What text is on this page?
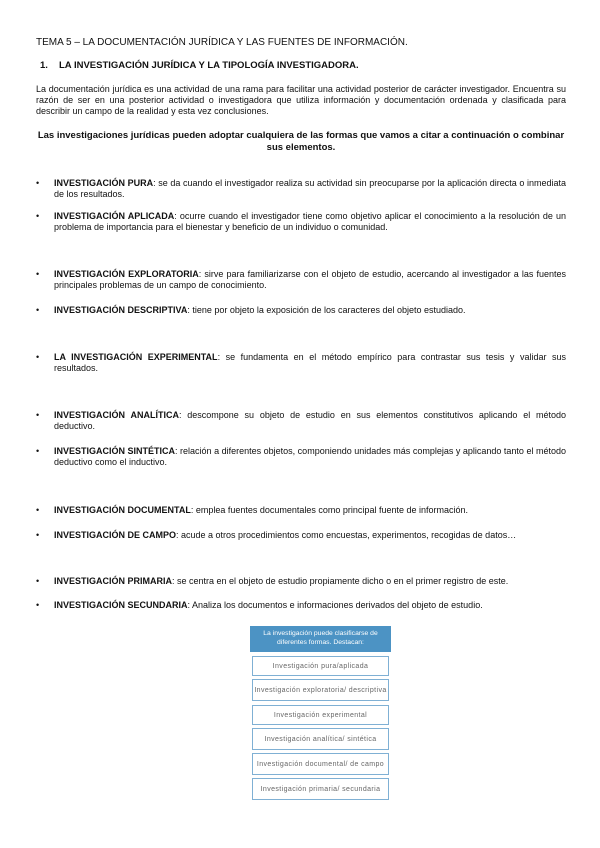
TEMA 5 – LA DOCUMENTACIÓN JURÍDICA Y LAS FUENTES DE INFORMACIÓN.
1. LA INVESTIGACIÓN JURÍDICA Y LA TIPOLOGÍA INVESTIGADORA.
La documentación jurídica es una actividad de una rama para facilitar una actividad posterior de carácter investigador. Encuentra su razón de ser en una posterior actividad o investigadora que utiliza información y documentación ordenada y clasificada para describir un campo de la realidad y esta vez conclusiones.
Las investigaciones jurídicas pueden adoptar cualquiera de las formas que vamos a citar a continuación o combinar sus elementos.
•	INVESTIGACIÓN PURA: se da cuando el investigador realiza su actividad sin preocuparse por la aplicación directa o inmediata de los resultados.
•	INVESTIGACIÓN APLICADA: ocurre cuando el investigador tiene como objetivo aplicar el conocimiento a la resolución de un problema de importancia para el bienestar y beneficio de un individuo o comunidad.
•	INVESTIGACIÓN EXPLORATORIA: sirve para familiarizarse con el objeto de estudio, acercando al investigador a las fuentes principales problemas de un campo de conocimiento.
•	INVESTIGACIÓN DESCRIPTIVA: tiene por objeto la exposición de los caracteres del objeto estudiado.
•	LA INVESTIGACIÓN EXPERIMENTAL: se fundamenta en el método empírico para contrastar sus tesis y validar sus resultados.
•	INVESTIGACIÓN ANALÍTICA: descompone su objeto de estudio en sus elementos constitutivos aplicando el método deductivo.
•	INVESTIGACIÓN SINTÉTICA: relación a diferentes objetos, componiendo unidades más complejas y aplicando tanto el método deductivo como el inductivo.
•	INVESTIGACIÓN DOCUMENTAL: emplea fuentes documentales como principal fuente de información.
•	INVESTIGACIÓN DE CAMPO: acude a otros procedimientos como encuestas, experimentos, recogidas de datos…
•	INVESTIGACIÓN PRIMARIA: se centra en el objeto de estudio propiamente dicho o en el primer registro de este.
•	INVESTIGACIÓN SECUNDARIA: Analiza los documentos e informaciones derivados del objeto de estudio.
La investigación puede clasificarse de diferentes formas. Destacan:
Investigación pura/aplicada
Investigación exploratoria/ descriptiva
Investigación experimental
Investigación analítica/ sintética
Investigación documental/ de campo
Investigación primaria/ secundaria
